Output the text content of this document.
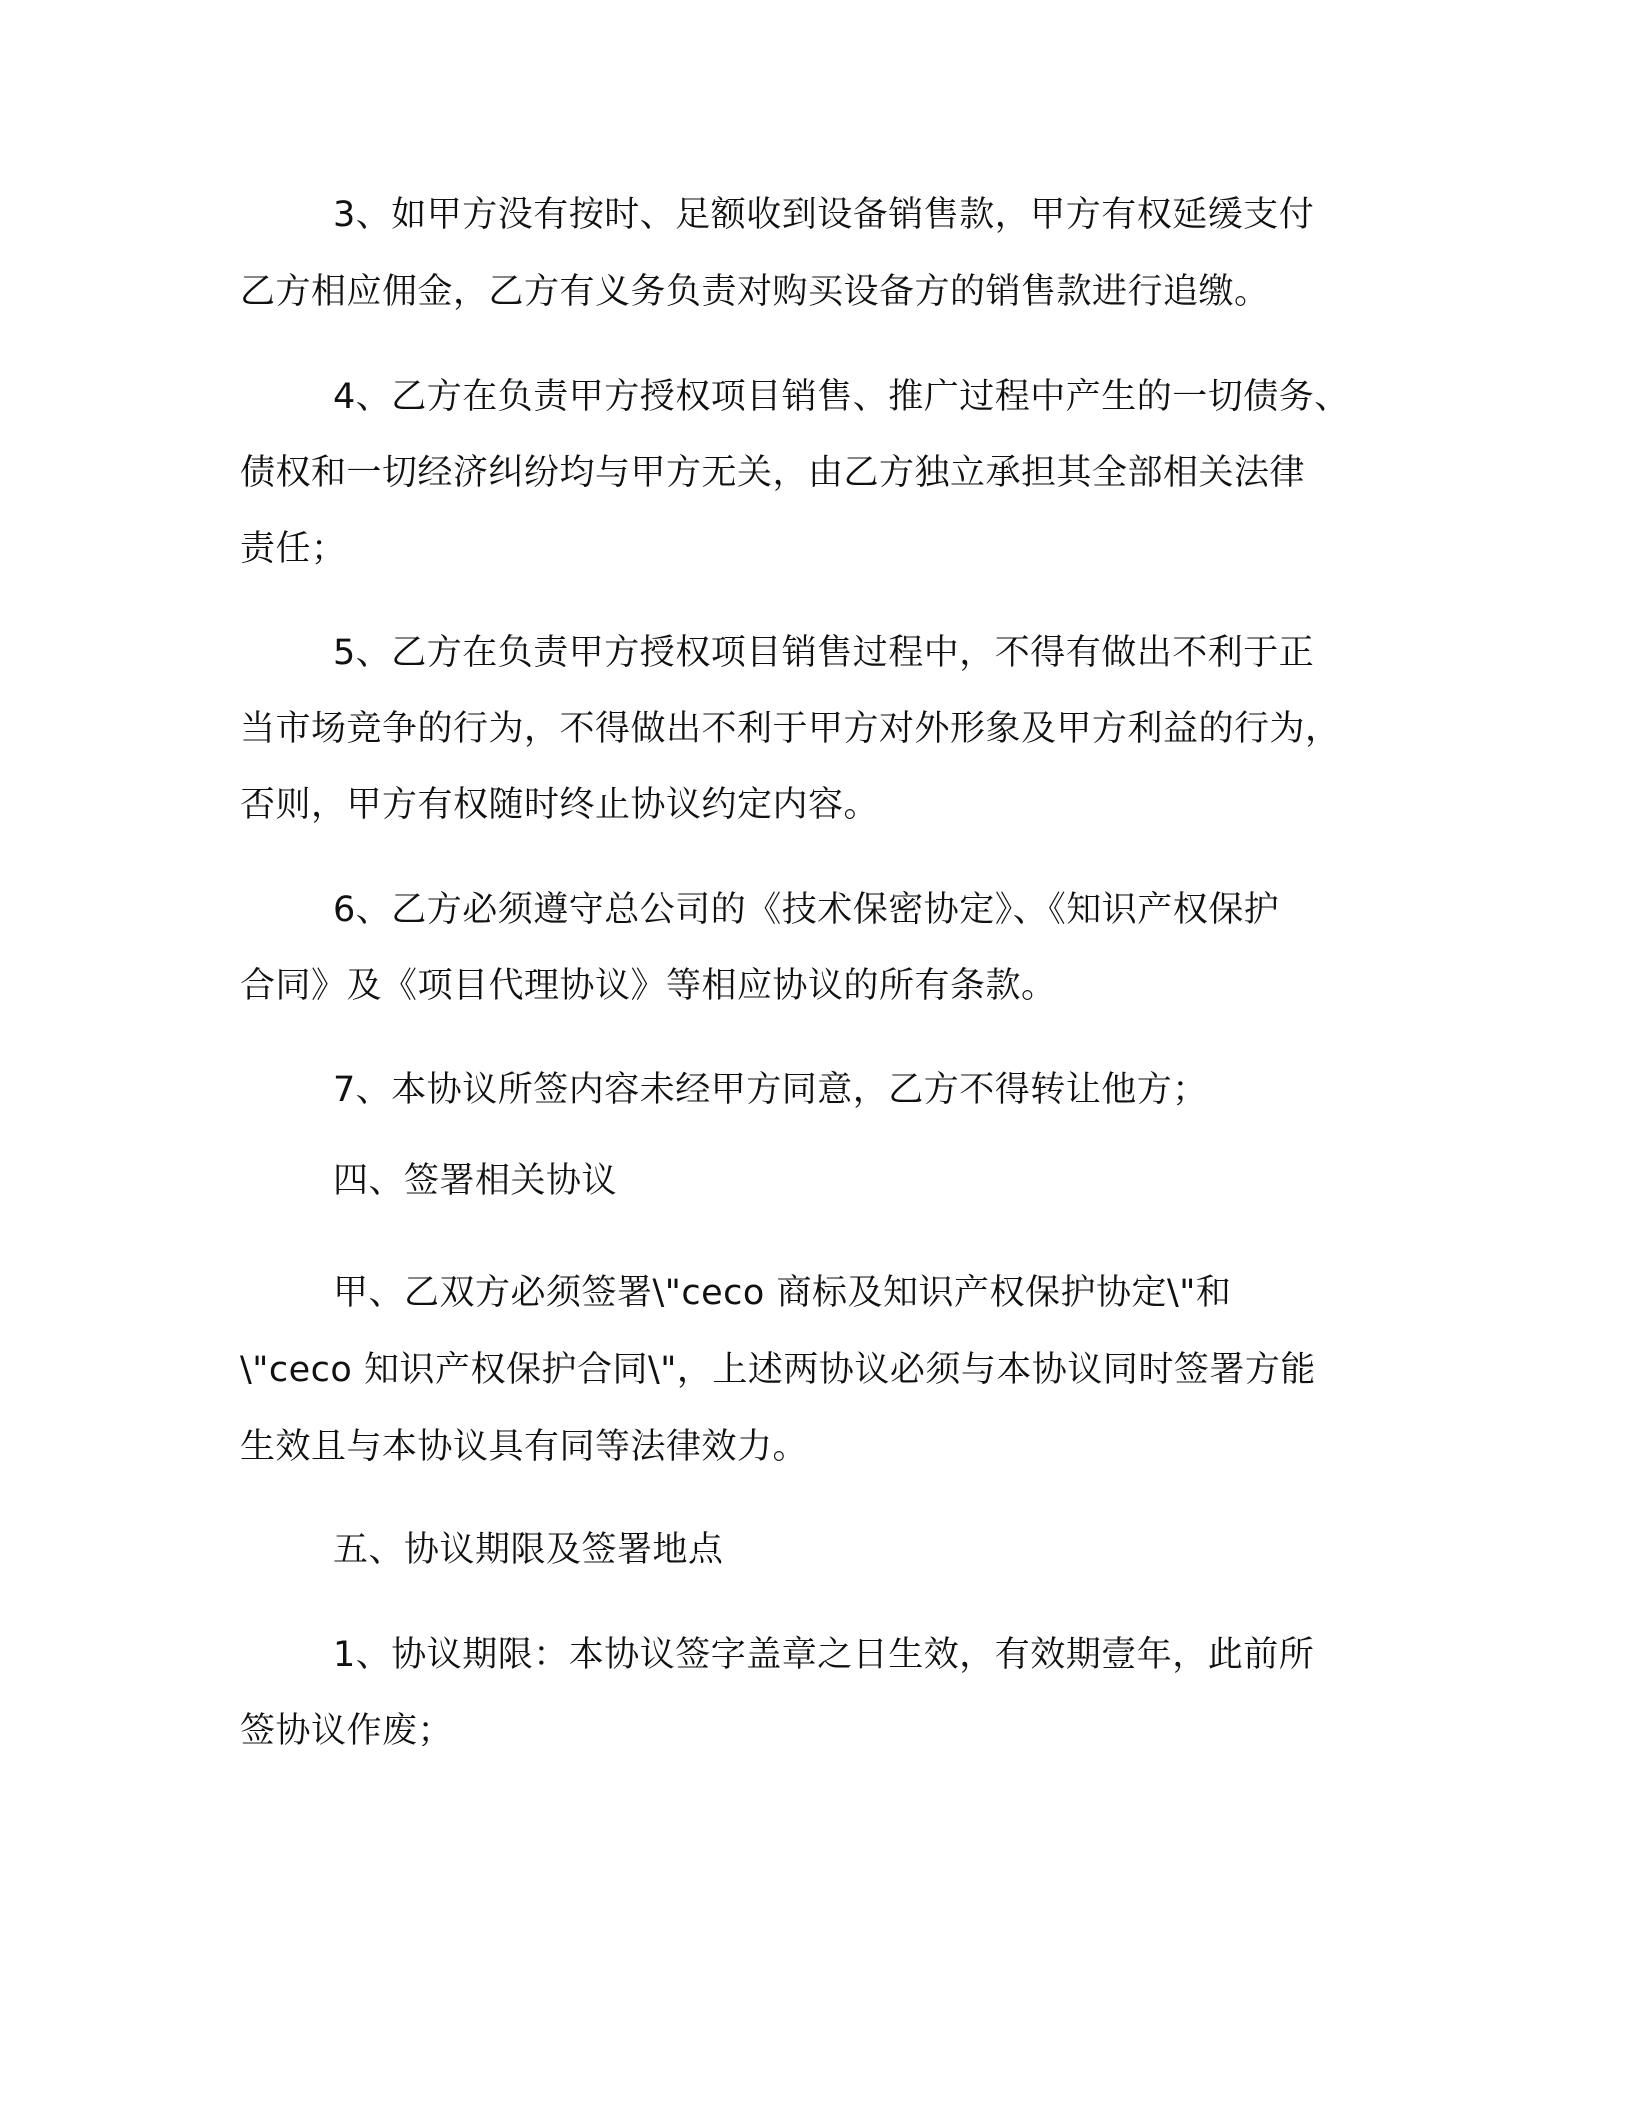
3、如甲方没有按时、足额收到设备销售款，甲方有权延缓支付
乙方相应佣金，乙方有义务负责对购买设备方的销售款进行追缴。
4、乙方在负责甲方授权项目销售、推广过程中产生的一切债务、
债权和一切经济纠纷均与甲方无关，由乙方独立承担其全部相关法律
责任；
5、乙方在负责甲方授权项目销售过程中，不得有做出不利于正
当市场竞争的行为，不得做出不利于甲方对外形象及甲方利益的行为，
否则，甲方有权随时终止协议约定内容。
6、乙方必须遵守总公司的《技术保密协定》、《知识产权保护
合同》及《项目代理协议》等相应协议的所有条款。
7、本协议所签内容未经甲方同意，乙方不得转让他方；
四、签署相关协议
甲、乙双方必须签署\"ceco 商标及知识产权保护协定\"和
\"ceco 知识产权保护合同\"，上述两协议必须与本协议同时签署方能
生效且与本协议具有同等法律效力。
五、协议期限及签署地点
1、协议期限：本协议签字盖章之日生效，有效期壹年，此前所
签协议作废；
